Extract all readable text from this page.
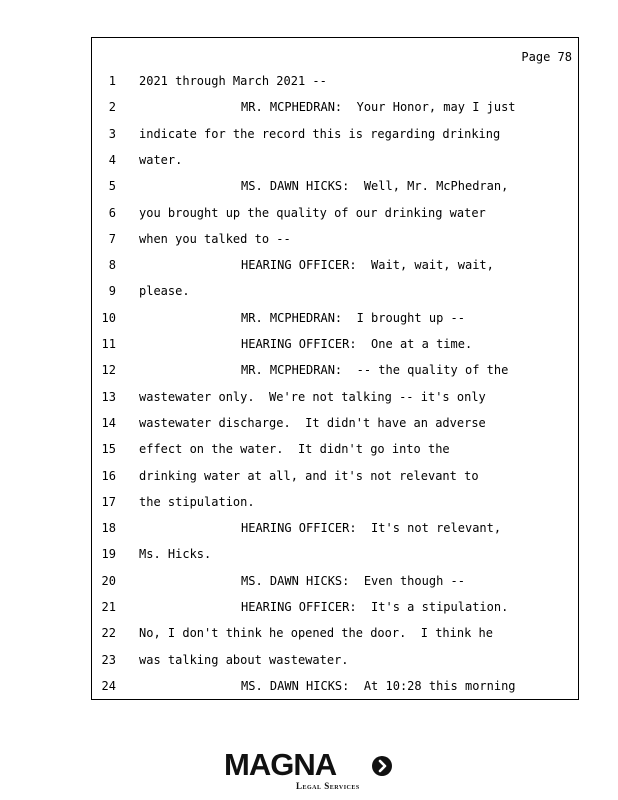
Page 78
1 2021 through March 2021 --
2	MR. MCPHEDRAN:  Your Honor, may I just
3 indicate for the record this is regarding drinking
4 water.
5	MS. DAWN HICKS:  Well, Mr. McPhedran,
6 you brought up the quality of our drinking water
7 when you talked to --
8	HEARING OFFICER:  Wait, wait, wait,
9 please.
10	MR. MCPHEDRAN:  I brought up --
11	HEARING OFFICER:  One at a time.
12	MR. MCPHEDRAN:  -- the quality of the
13 wastewater only.  We're not talking -- it's only
14 wastewater discharge.  It didn't have an adverse
15 effect on the water.  It didn't go into the
16 drinking water at all, and it's not relevant to
17 the stipulation.
18	HEARING OFFICER:  It's not relevant,
19 Ms. Hicks.
20	MS. DAWN HICKS:  Even though --
21	HEARING OFFICER:  It's a stipulation.
22 No, I don't think he opened the door.  I think he
23 was talking about wastewater.
24	MS. DAWN HICKS:  At 10:28 this morning
MAGNA
Legal Services
